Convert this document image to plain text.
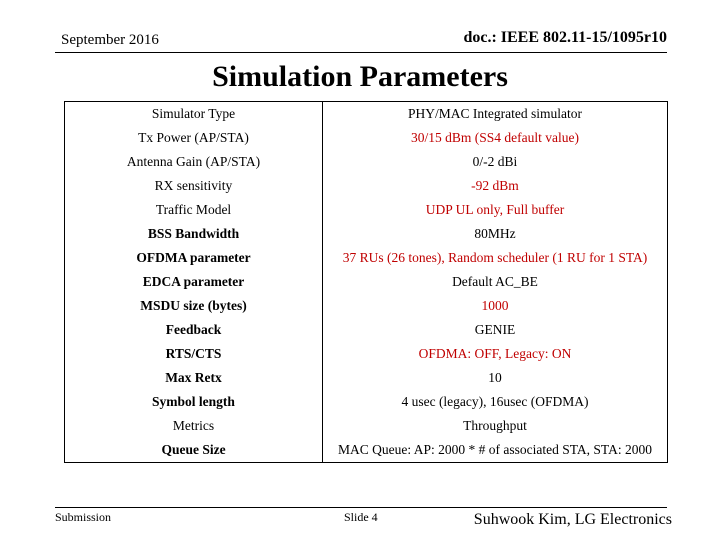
September 2016	doc.: IEEE 802.11-15/1095r10
Simulation Parameters
Simulator Type	PHY/MAC Integrated simulator
Tx Power (AP/STA)	30/15 dBm (SS4 default value)
Antenna Gain (AP/STA)	0/-2 dBi
RX sensitivity	-92 dBm
Traffic Model	UDP UL only, Full buffer
BSS Bandwidth	80MHz
OFDMA parameter	37 RUs (26 tones), Random scheduler (1 RU for 1 STA)
EDCA parameter	Default AC_BE
MSDU size (bytes)	1000
Feedback	GENIE
RTS/CTS	OFDMA: OFF, Legacy: ON
Max Retx	10
Symbol length	4 usec (legacy), 16usec (OFDMA)
Metrics	Throughput
Queue Size	MAC Queue: AP: 2000 * # of associated STA, STA: 2000
Submission	Slide 4	Suhwook Kim, LG Electronics
